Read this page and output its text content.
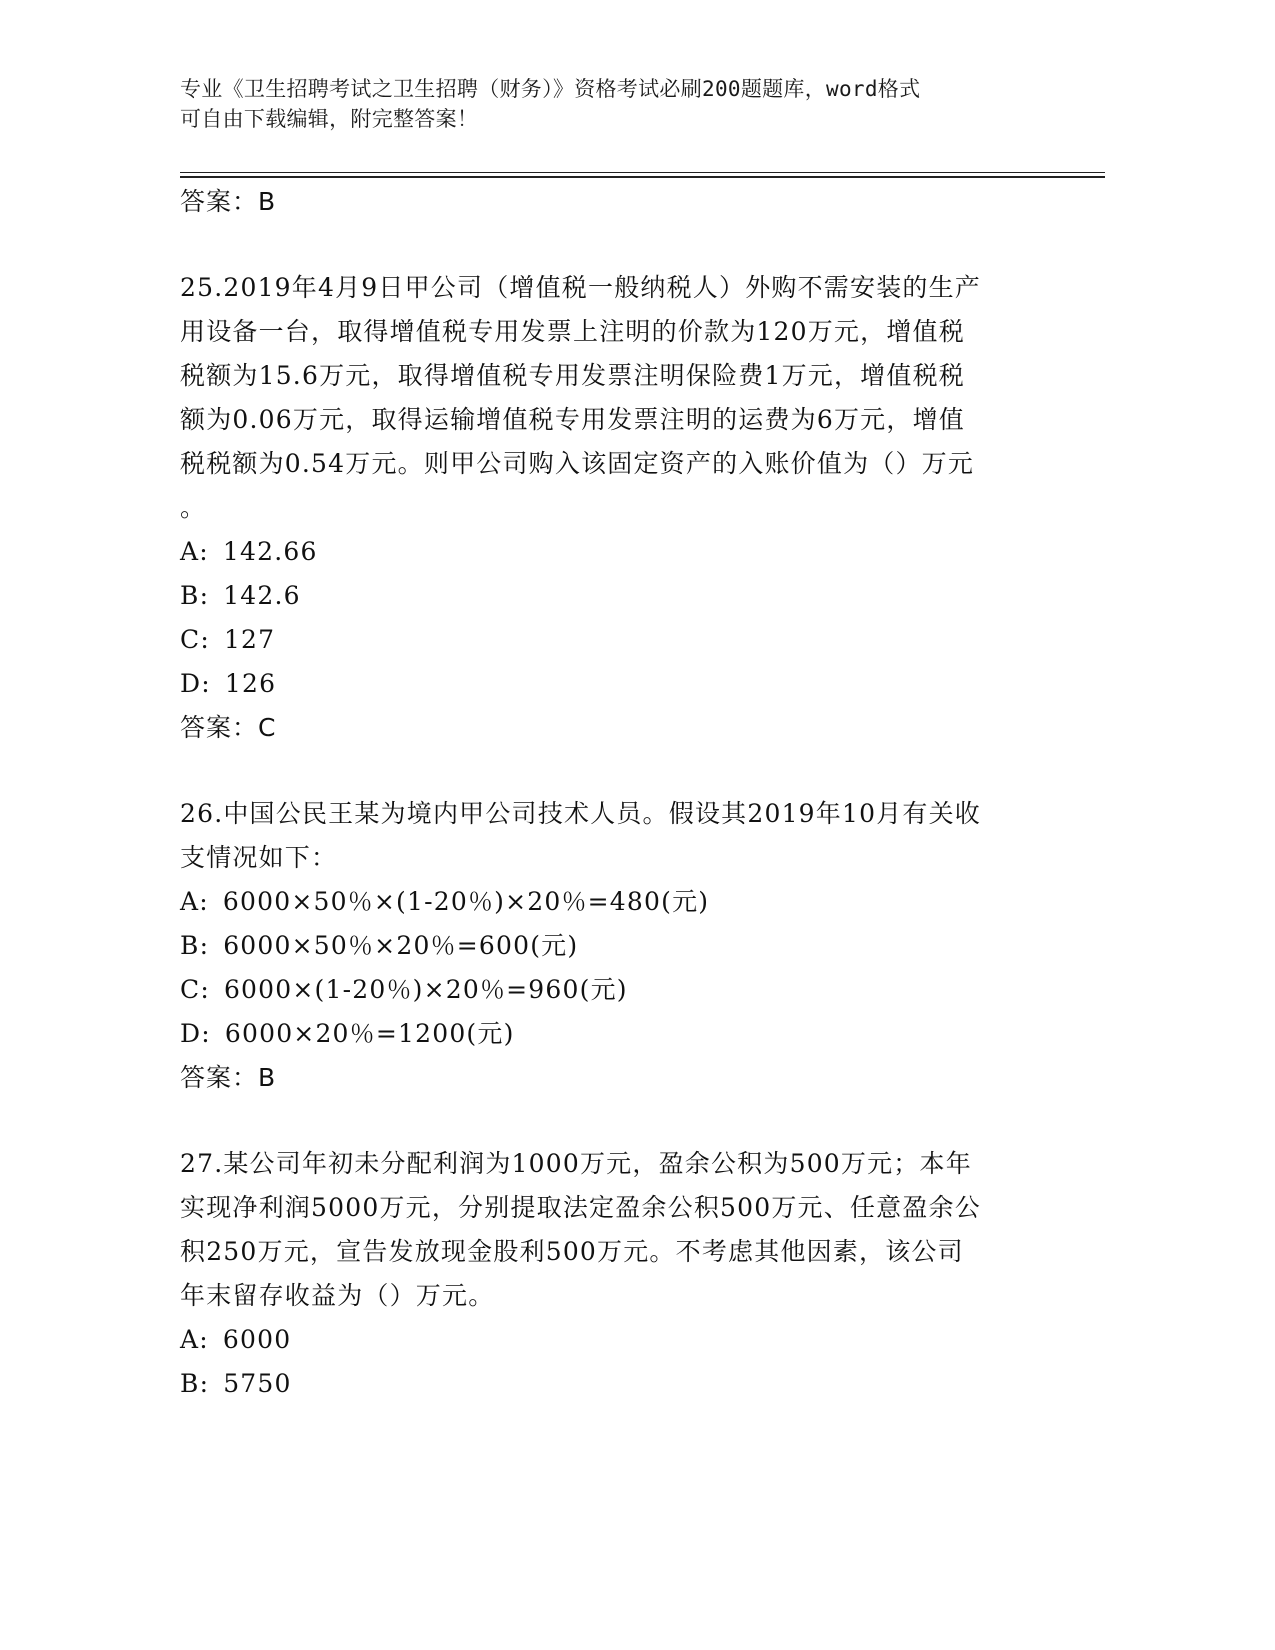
专业《卫生招聘考试之卫生招聘（财务）》资格考试必刷200题题库，word格式
可自由下载编辑，附完整答案！
答案：B
25.2019年4月9日甲公司（增值税一般纳税人）外购不需安装的生产
用设备一台，取得增值税专用发票上注明的价款为120万元，增值税
税额为15.6万元，取得增值税专用发票注明保险费1万元，增值税税
额为0.06万元，取得运输增值税专用发票注明的运费为6万元，增值
税税额为0.54万元。则甲公司购入该固定资产的入账价值为（）万元
。
A: 142.66
B: 142.6
C: 127
D: 126
答案：C
26.中国公民王某为境内甲公司技术人员。假设其2019年10月有关收
支情况如下：
A: 6000×50％×(1-20％)×20％=480(元)
B: 6000×50％×20％=600(元)
C: 6000×(1-20％)×20％=960(元)
D: 6000×20％=1200(元)
答案：B
27.某公司年初未分配利润为1000万元，盈余公积为500万元；本年
实现净利润5000万元，分别提取法定盈余公积500万元、任意盈余公
积250万元，宣告发放现金股利500万元。不考虑其他因素，该公司
年末留存收益为（）万元。
A: 6000
B: 5750
